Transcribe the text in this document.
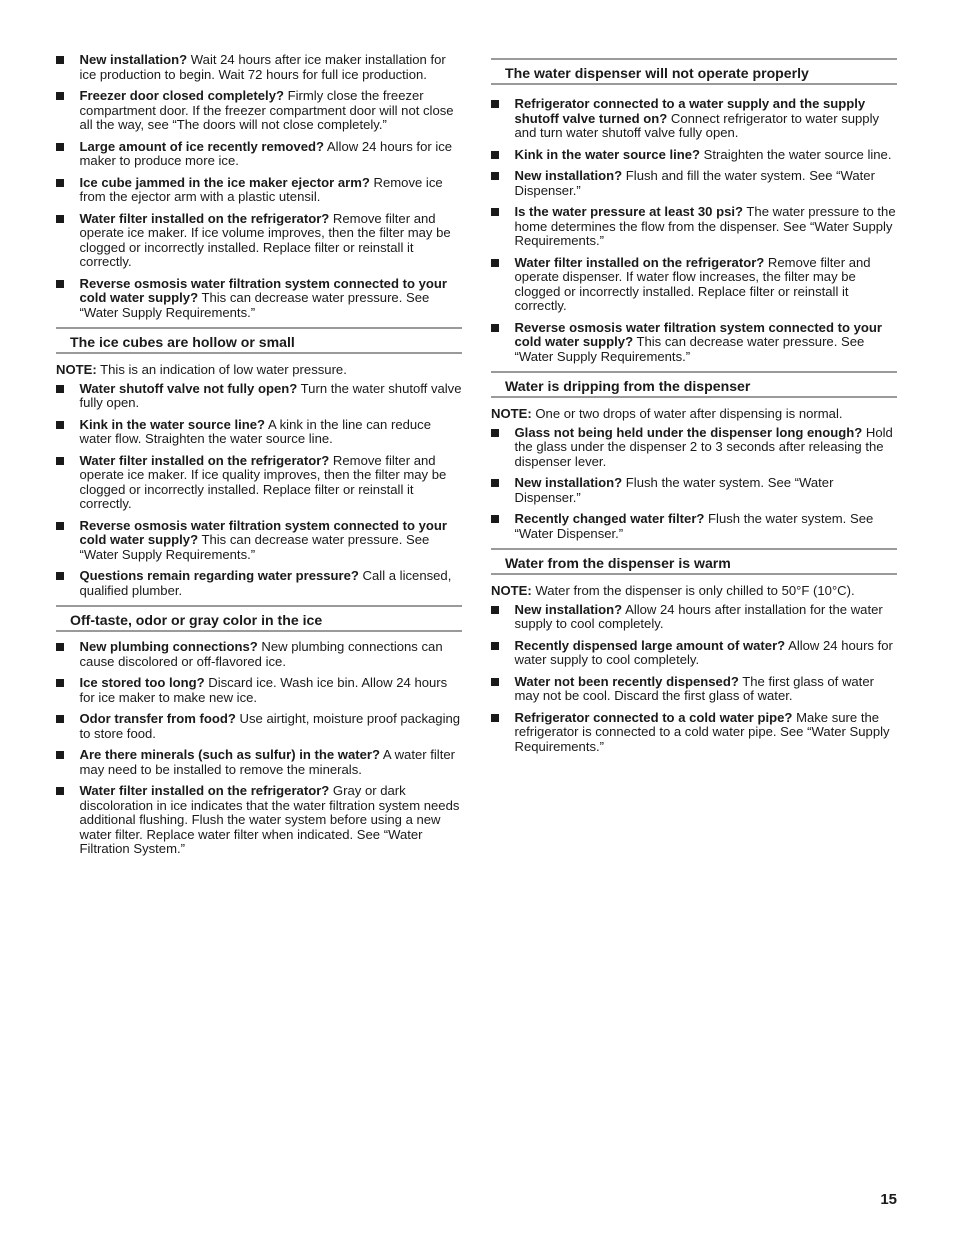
New installation? Wait 24 hours after ice maker installation for ice production to begin. Wait 72 hours for full ice production.
Freezer door closed completely? Firmly close the freezer compartment door. If the freezer compartment door will not close all the way, see “The doors will not close completely.”
Large amount of ice recently removed? Allow 24 hours for ice maker to produce more ice.
Ice cube jammed in the ice maker ejector arm? Remove ice from the ejector arm with a plastic utensil.
Water filter installed on the refrigerator? Remove filter and operate ice maker. If ice volume improves, then the filter may be clogged or incorrectly installed. Replace filter or reinstall it correctly.
Reverse osmosis water filtration system connected to your cold water supply? This can decrease water pressure. See “Water Supply Requirements.”
The ice cubes are hollow or small

NOTE: This is an indication of low water pressure.

Water shutoff valve not fully open? Turn the water shutoff valve fully open.
Kink in the water source line? A kink in the line can reduce water flow. Straighten the water source line.
Water filter installed on the refrigerator? Remove filter and operate ice maker. If ice quality improves, then the filter may be clogged or incorrectly installed. Replace filter or reinstall it correctly.
Reverse osmosis water filtration system connected to your cold water supply? This can decrease water pressure. See “Water Supply Requirements.”
Questions remain regarding water pressure? Call a licensed, qualified plumber.
Off-taste, odor or gray color in the ice
New plumbing connections? New plumbing connections can cause discolored or off-flavored ice.
Ice stored too long? Discard ice. Wash ice bin. Allow 24 hours for ice maker to make new ice.
Odor transfer from food? Use airtight, moisture proof packaging to store food.
Are there minerals (such as sulfur) in the water? A water filter may need to be installed to remove the minerals.
Water filter installed on the refrigerator? Gray or dark discoloration in ice indicates that the water filtration system needs additional flushing. Flush the water system before using a new water filter. Replace water filter when indicated. See “Water Filtration System.”
The water dispenser will not operate properly
Refrigerator connected to a water supply and the supply shutoff valve turned on? Connect refrigerator to water supply and turn water shutoff valve fully open.
Kink in the water source line? Straighten the water source line.
New installation? Flush and fill the water system. See “Water Dispenser.”
Is the water pressure at least 30 psi? The water pressure to the home determines the flow from the dispenser. See “Water Supply Requirements.”
Water filter installed on the refrigerator? Remove filter and operate dispenser. If water flow increases, the filter may be clogged or incorrectly installed. Replace filter or reinstall it correctly.
Reverse osmosis water filtration system connected to your cold water supply? This can decrease water pressure. See “Water Supply Requirements.”
Water is dripping from the dispenser

NOTE: One or two drops of water after dispensing is normal.

Glass not being held under the dispenser long enough? Hold the glass under the dispenser 2 to 3 seconds after releasing the dispenser lever.
New installation? Flush the water system. See “Water Dispenser.”
Recently changed water filter? Flush the water system. See “Water Dispenser.”
Water from the dispenser is warm

NOTE: Water from the dispenser is only chilled to 50°F (10°C).

New installation? Allow 24 hours after installation for the water supply to cool completely.
Recently dispensed large amount of water? Allow 24 hours for water supply to cool completely.
Water not been recently dispensed? The first glass of water may not be cool. Discard the first glass of water.
Refrigerator connected to a cold water pipe? Make sure the refrigerator is connected to a cold water pipe. See “Water Supply Requirements.”
15
